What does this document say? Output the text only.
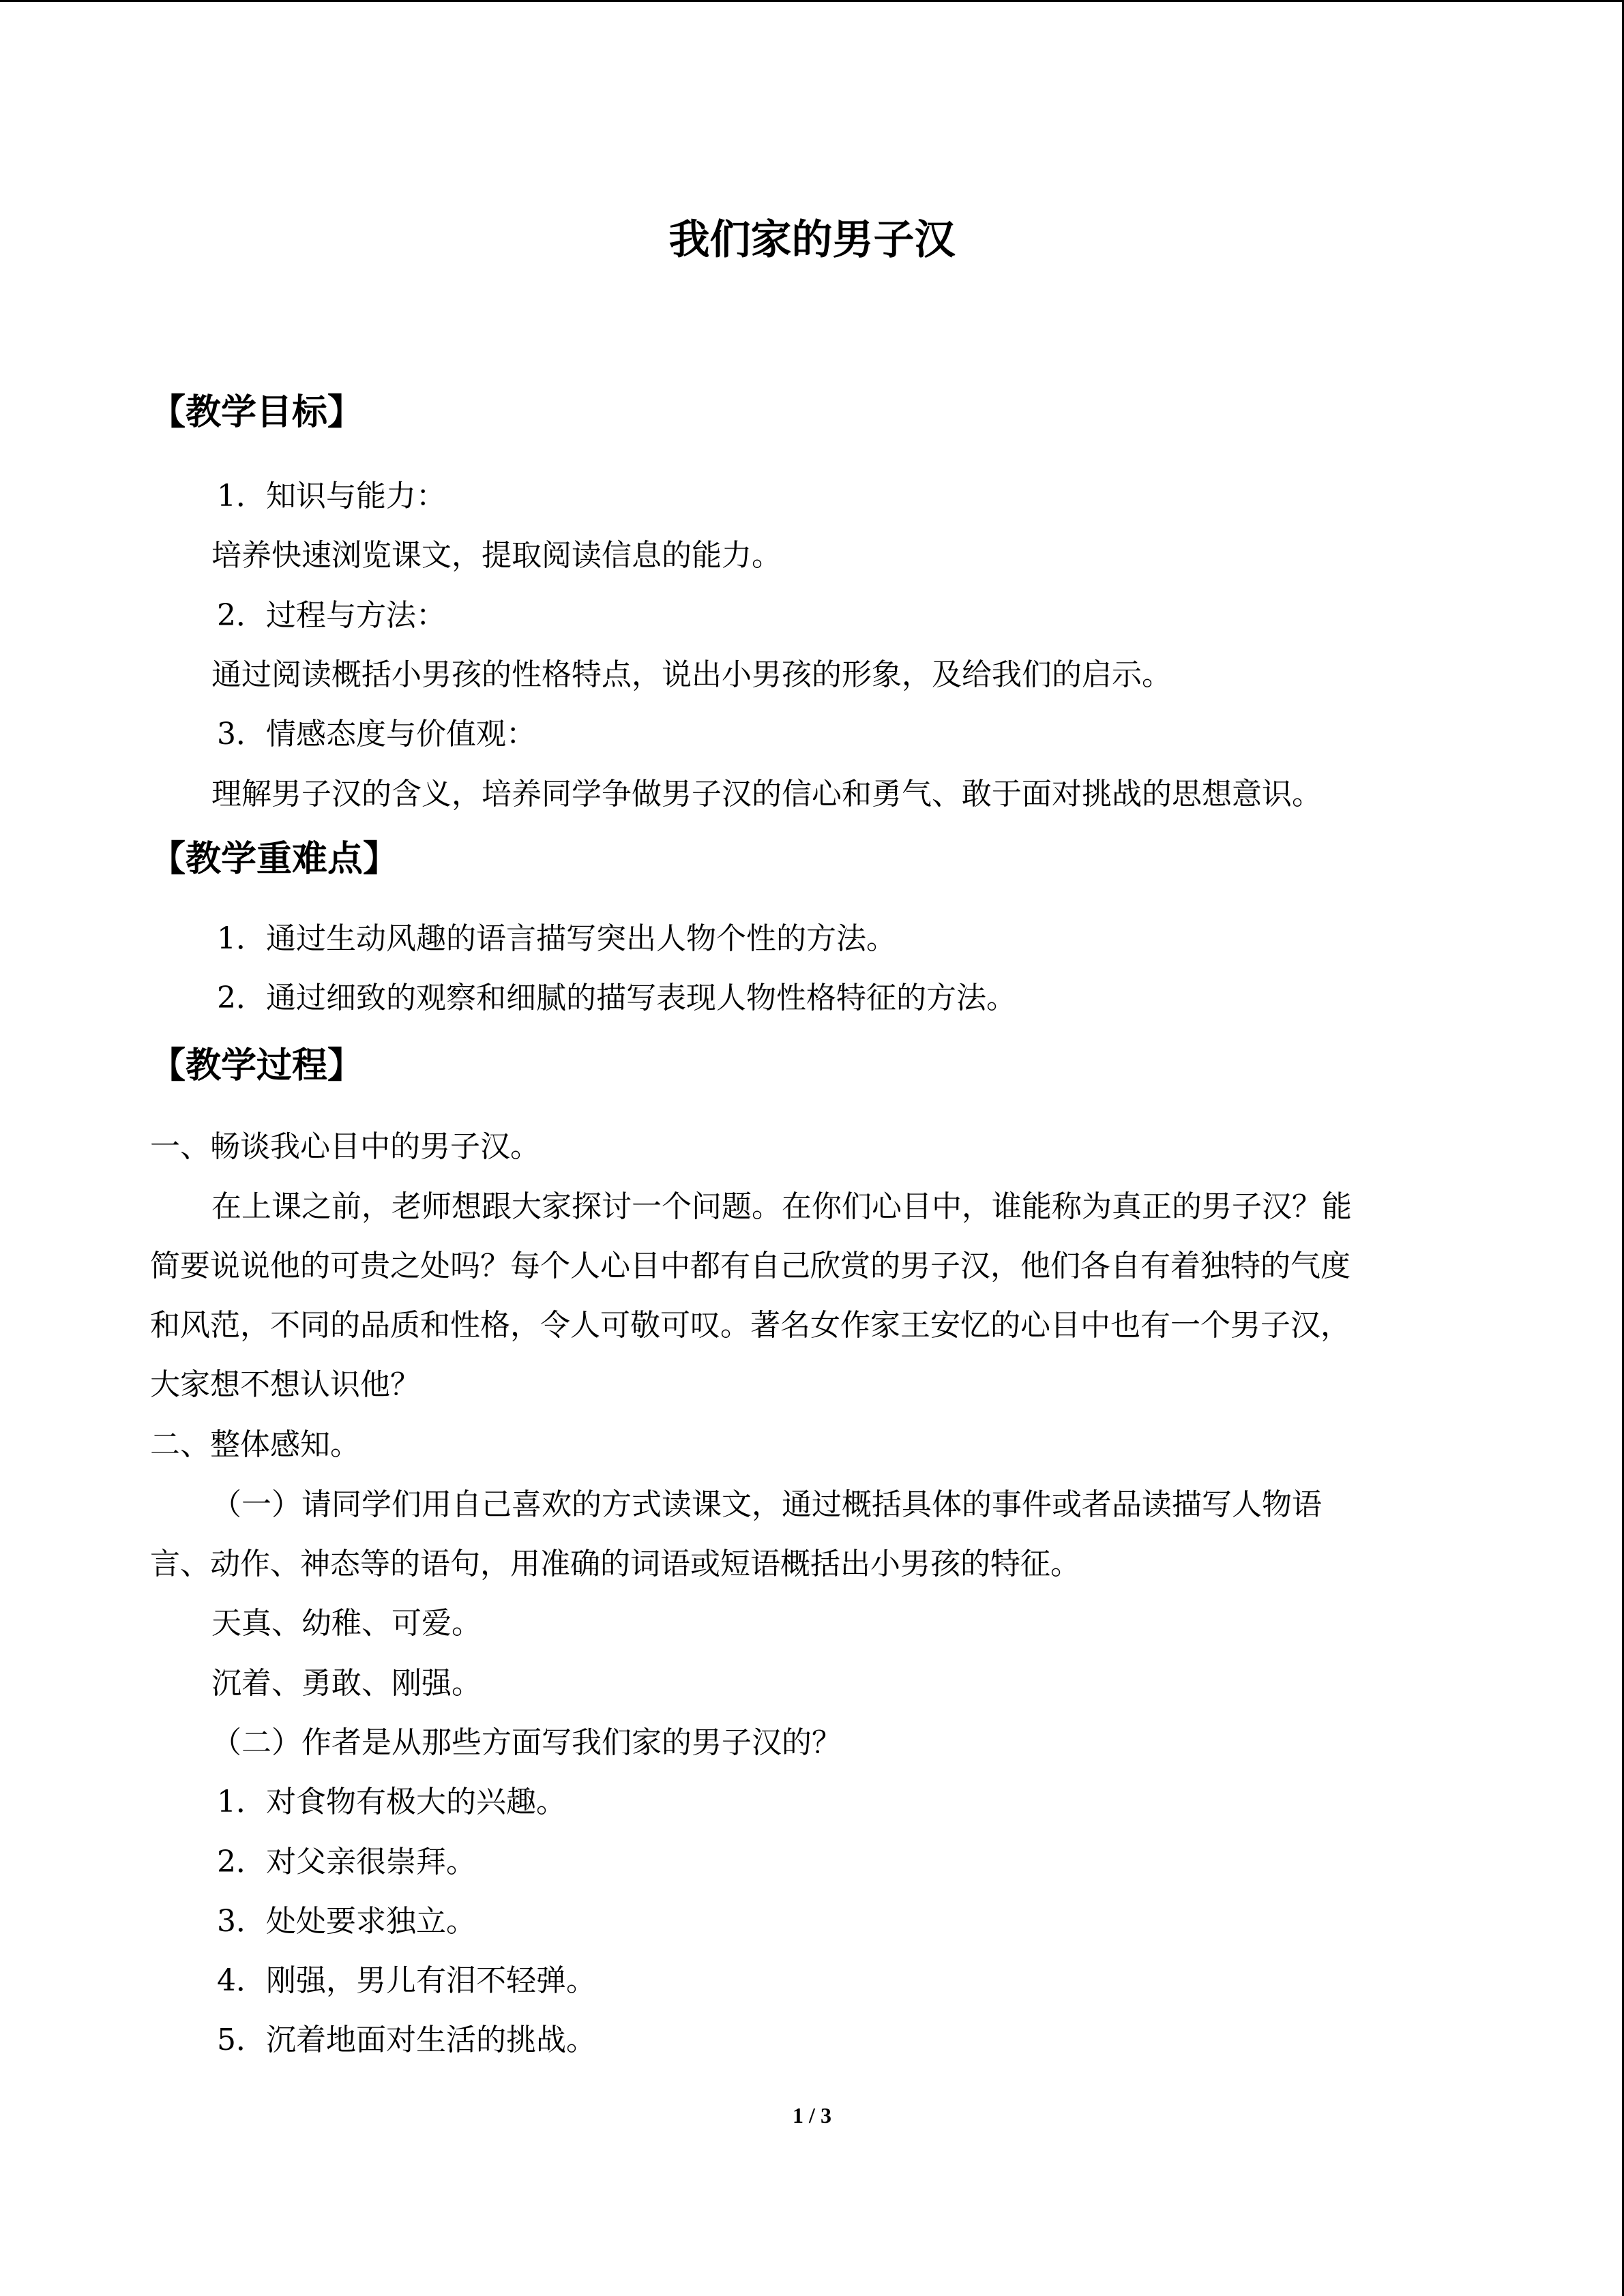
我们家的男子汉
【教学目标】
1．知识与能力：
培养快速浏览课文，提取阅读信息的能力。
2．过程与方法：
通过阅读概括小男孩的性格特点，说出小男孩的形象，及给我们的启示。
3．情感态度与价值观：
理解男子汉的含义，培养同学争做男子汉的信心和勇气、敢于面对挑战的思想意识。
【教学重难点】
1．通过生动风趣的语言描写突出人物个性的方法。
2．通过细致的观察和细腻的描写表现人物性格特征的方法。
【教学过程】
一、畅谈我心目中的男子汉。
在上课之前，老师想跟大家探讨一个问题。在你们心目中，谁能称为真正的男子汉？能
简要说说他的可贵之处吗？每个人心目中都有自己欣赏的男子汉，他们各自有着独特的气度
和风范，不同的品质和性格，令人可敬可叹。著名女作家王安忆的心目中也有一个男子汉，
大家想不想认识他？
二、整体感知。
（一）请同学们用自己喜欢的方式读课文，通过概括具体的事件或者品读描写人物语
言、动作、神态等的语句，用准确的词语或短语概括出小男孩的特征。
天真、幼稚、可爱。
沉着、勇敢、刚强。
（二）作者是从那些方面写我们家的男子汉的？
1．对食物有极大的兴趣。
2．对父亲很崇拜。
3．处处要求独立。
4．刚强，男儿有泪不轻弹。
5．沉着地面对生活的挑战。
1 / 3
